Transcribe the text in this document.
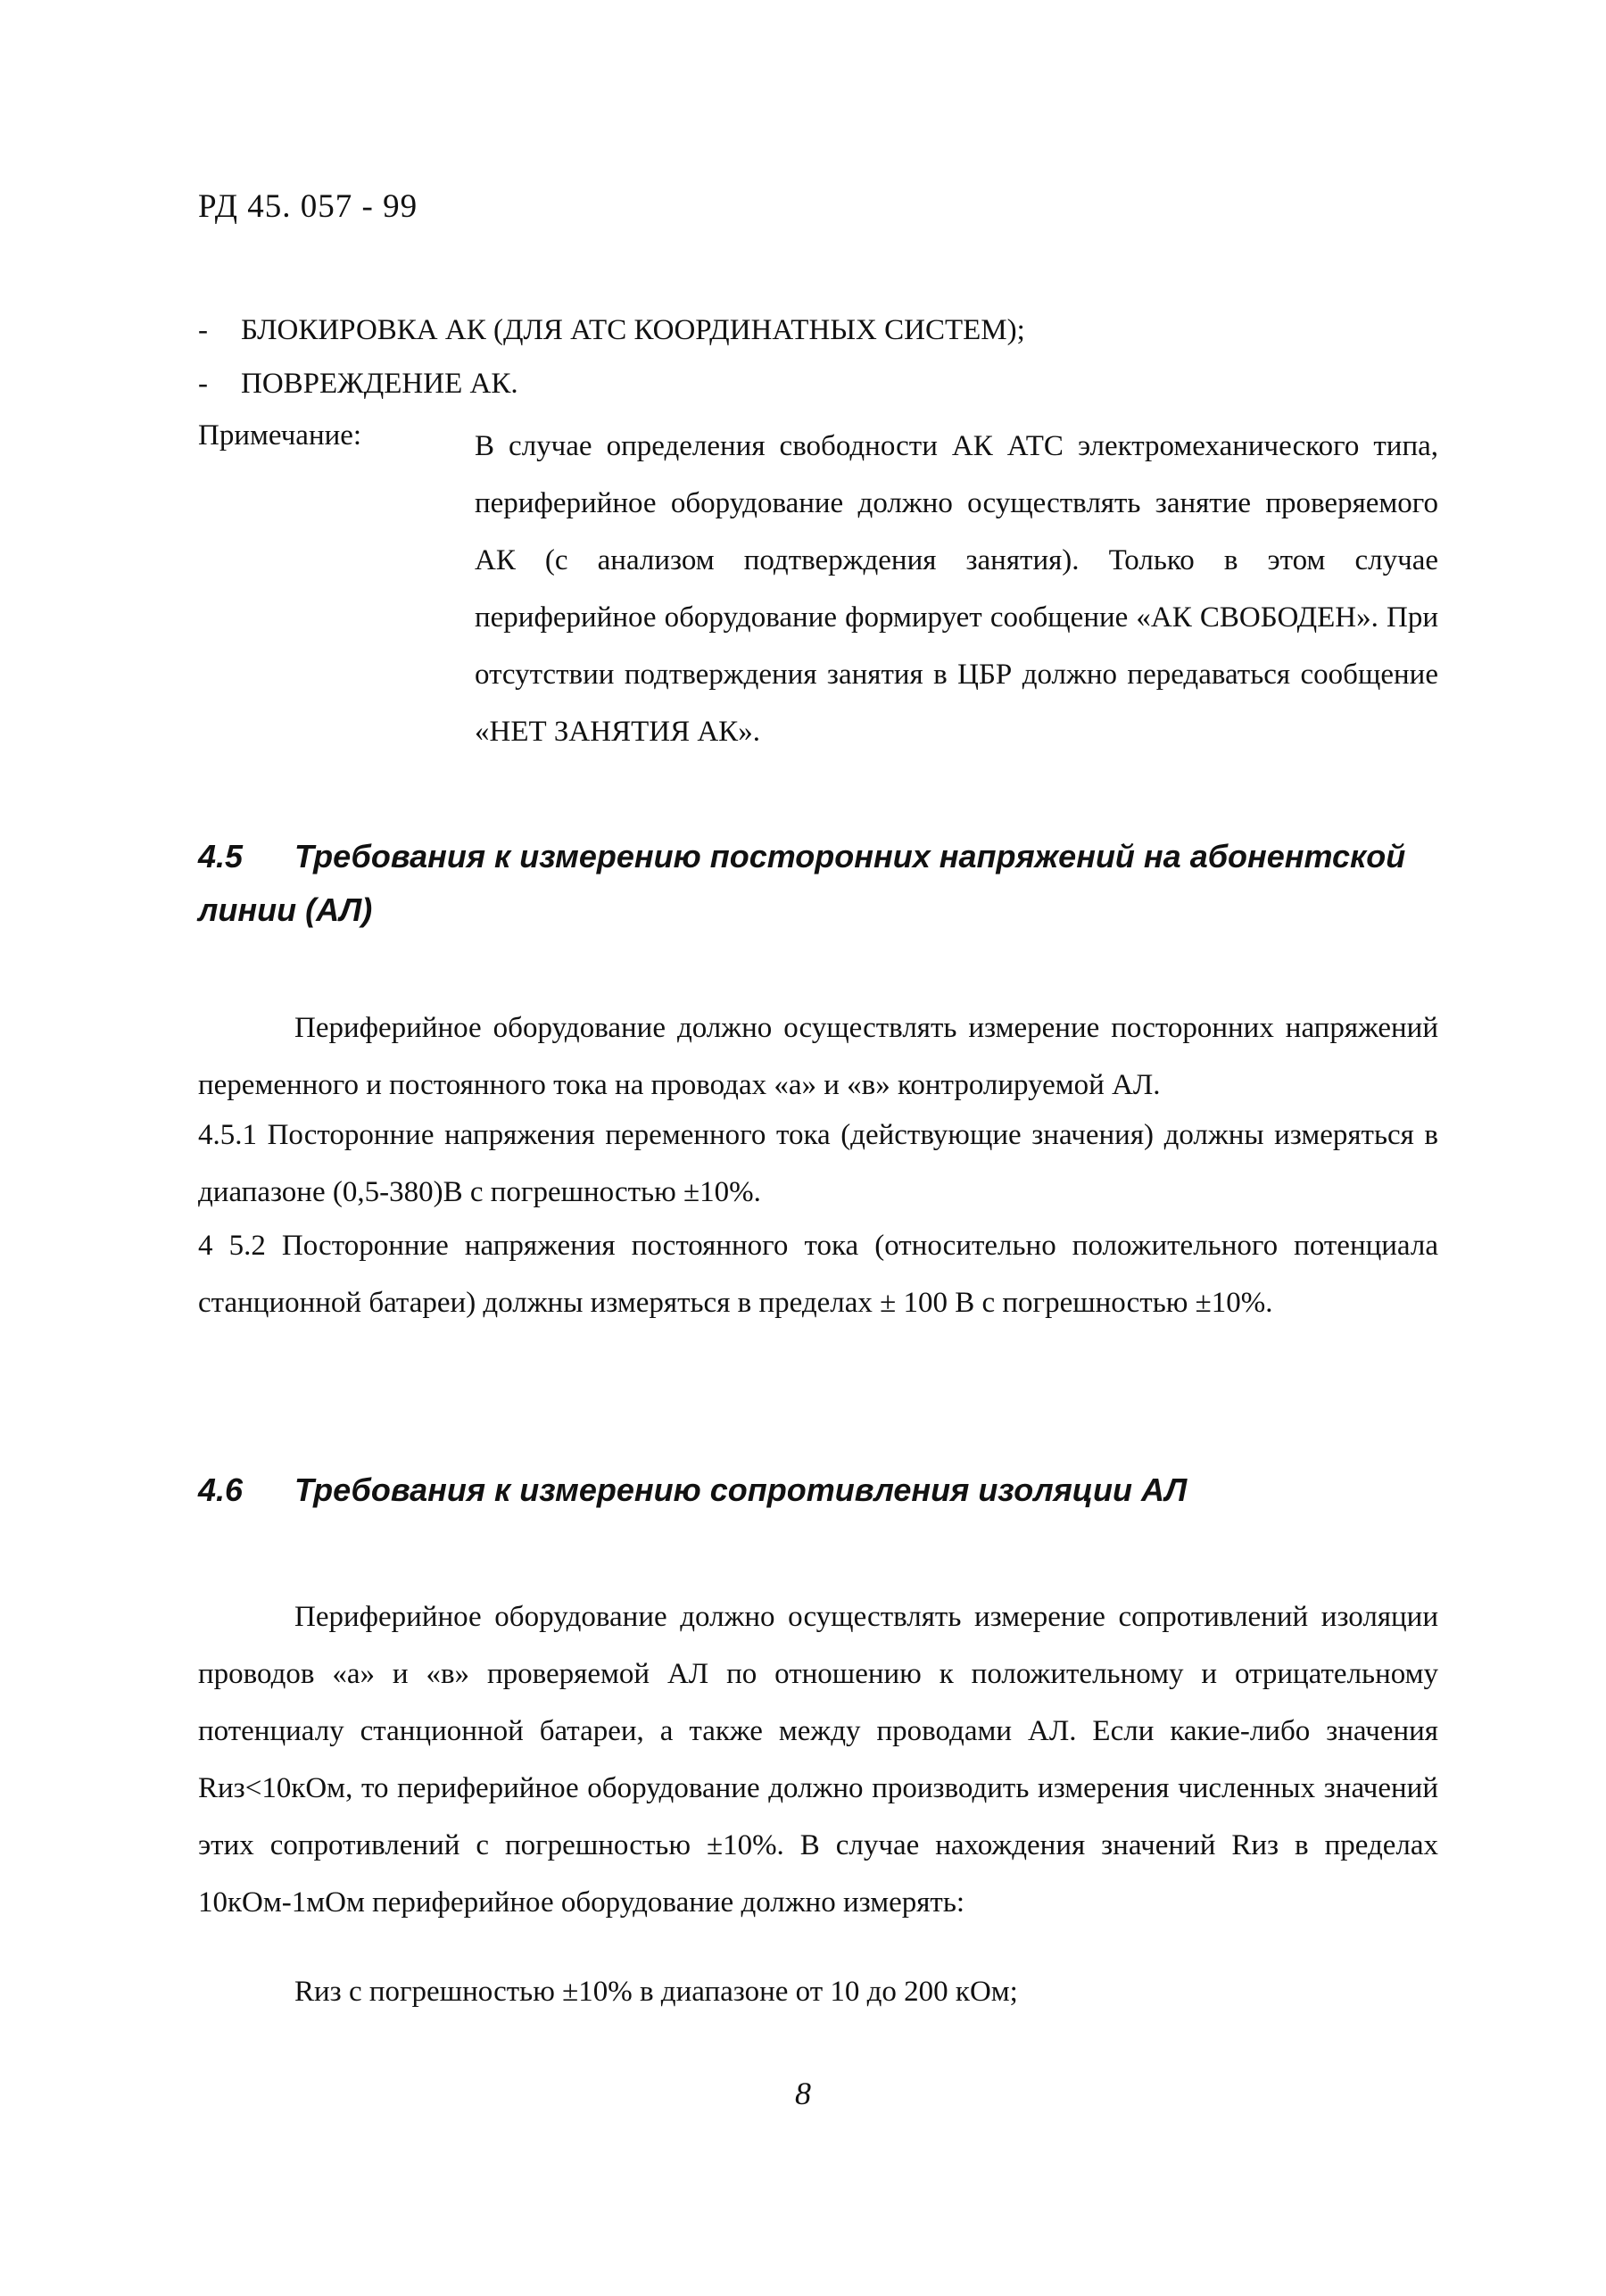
РД 45. 057 - 99
- БЛОКИРОВКА АК (ДЛЯ АТС КООРДИНАТНЫХ СИСТЕМ);
- ПОВРЕЖДЕНИЕ АК.
Примечание:	В случае определения свободности АК АТС электромеханического типа, периферийное оборудование должно осуществлять занятие проверяемого АК (с анализом подтверждения занятия). Только в этом случае периферийное оборудование формирует сообщение «АК СВОБОДЕН». При отсутствии подтверждения занятия в ЦБР должно передаваться сообщение «НЕТ ЗАНЯТИЯ АК».
4.5 Требования к измерению посторонних напряжений на абонентской линии (АЛ)
Периферийное оборудование должно осуществлять измерение посторонних напряжений переменного и постоянного тока на проводах «а» и «в» контролируемой АЛ.
4.5.1 Посторонние напряжения переменного тока (действующие значения) должны измеряться в диапазоне (0,5-380)В с погрешностью ±10%.
4 5.2 Посторонние напряжения постоянного тока (относительно положительного потенциала станционной батареи) должны измеряться в пределах ± 100 В с погрешностью ±10%.
4.6 Требования к измерению сопротивления изоляции АЛ
Периферийное оборудование должно осуществлять измерение сопротивлений изоляции проводов «а» и «в» проверяемой АЛ по отношению к положительному и отрицательному потенциалу станционной батареи, а также между проводами АЛ. Если какие-либо значения Rиз<10кОм, то периферийное оборудование должно производить измерения численных значений этих сопротивлений с погрешностью ±10%. В случае нахождения значений Rиз в пределах 10кОм-1мОм периферийное оборудование должно измерять:
Rиз с погрешностью ±10% в диапазоне от 10 до 200 кОм;
8
